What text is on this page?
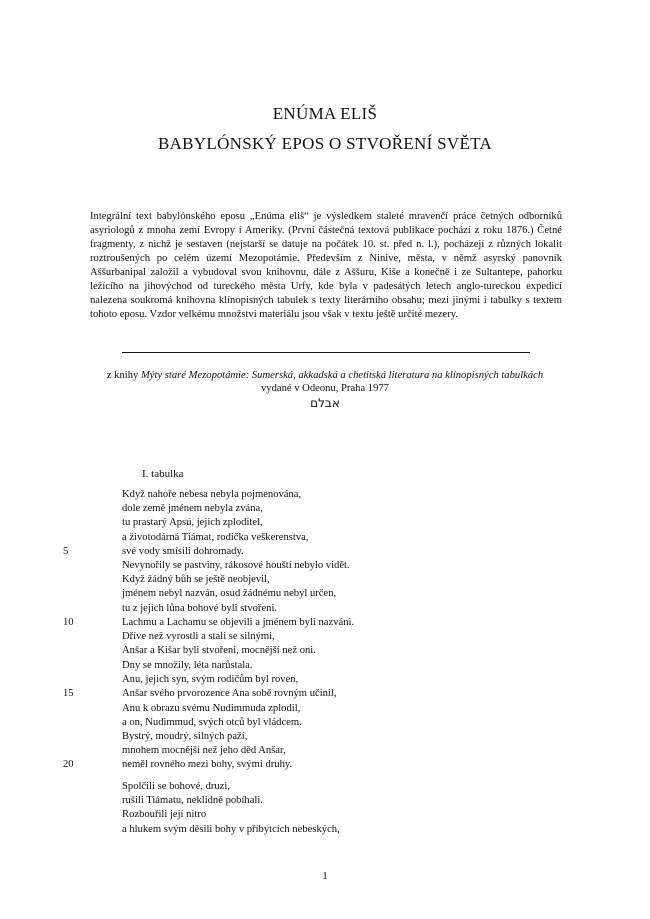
ENÚMA ELIŠ
BABYLÓNSKÝ EPOS O STVOŘENÍ SVĚTA

Integrální text babylónského eposu „Enúma eliš“ je výsledkem staleté mravenčí práce četných odborníků asyriologů z mnoha zemí Evropy i Ameriky. (První částečná textová publikace pochází z roku 1876.) Četné fragmenty, z nichž je sestaven (nejstarší se datuje na počátek 10. st. před n. l.), pocházejí z různých lokalit roztroušených po celém území Mezopotámie. Především z Ninive, města, v němž asyrský panovník Aššurbanipal založil a vybudoval svou knihovnu, dále z Aššuru, Kiše a konečně i ze Sultantepe, pahorku ležícího na jihovýchod od tureckého města Urfy, kde byla v padesátých letech anglo-tureckou expedicí nalezena soukromá knihovna klínopisných tabulek s texty literárního obsahu; mezi jinými i tabulky s textem tohoto eposu. Vzdor velkému množství materiálu jsou však v textu ještě určité mezery.

z knihy Mýty staré Mezopotámie: Sumerská, akkadská a chetitská literatura na klínopisných tabulkách
vydané v Odeonu, Praha 1977
אבלם
I. tabulka
Když nahoře nebesa nebyla pojmenována,
dole země jménem nebyla zvána,
tu prastarý Apsú, jejich zploditel,
a životodárná Tiámat, rodička veškerenstva,
5	své vody smísili dohromady.
Nevynořily se pastviny, rákosové houští nebylo vidět.
Když žádný bůh se ještě neobjevil,
jménem nebyl nazván, osud žádnému nebyl určen,
tu z jejich lůna bohové byli stvořeni.
10	Lachmu a Lachamu se objevili a jménem byli nazváni.
Dříve než vyrostli a stali se silnými,
Anšar a Kišar byli stvořeni, mocnější než oni.
Dny se množily, léta narůstala.
Anu, jejich syn, svým rodičům byl roven,
15	Anšar svého prvorozence Ana sobě rovným učinil,
Anu k obrazu svému Nudimmuda zplodil,
a on, Nudimmud, svých otců byl vládcem.
Bystrý, moudrý, silných paží,
mnohem mocnější než jeho děd Anšar,
20	neměl rovného mezi bohy, svými druhy.
Spolčili se bohové, druzi,
rušili Tiámatu, neklidně pobíhali.
Rozbouřili její nitro
a hlukem svým děsili bohy v příbytcích nebeských,
1
